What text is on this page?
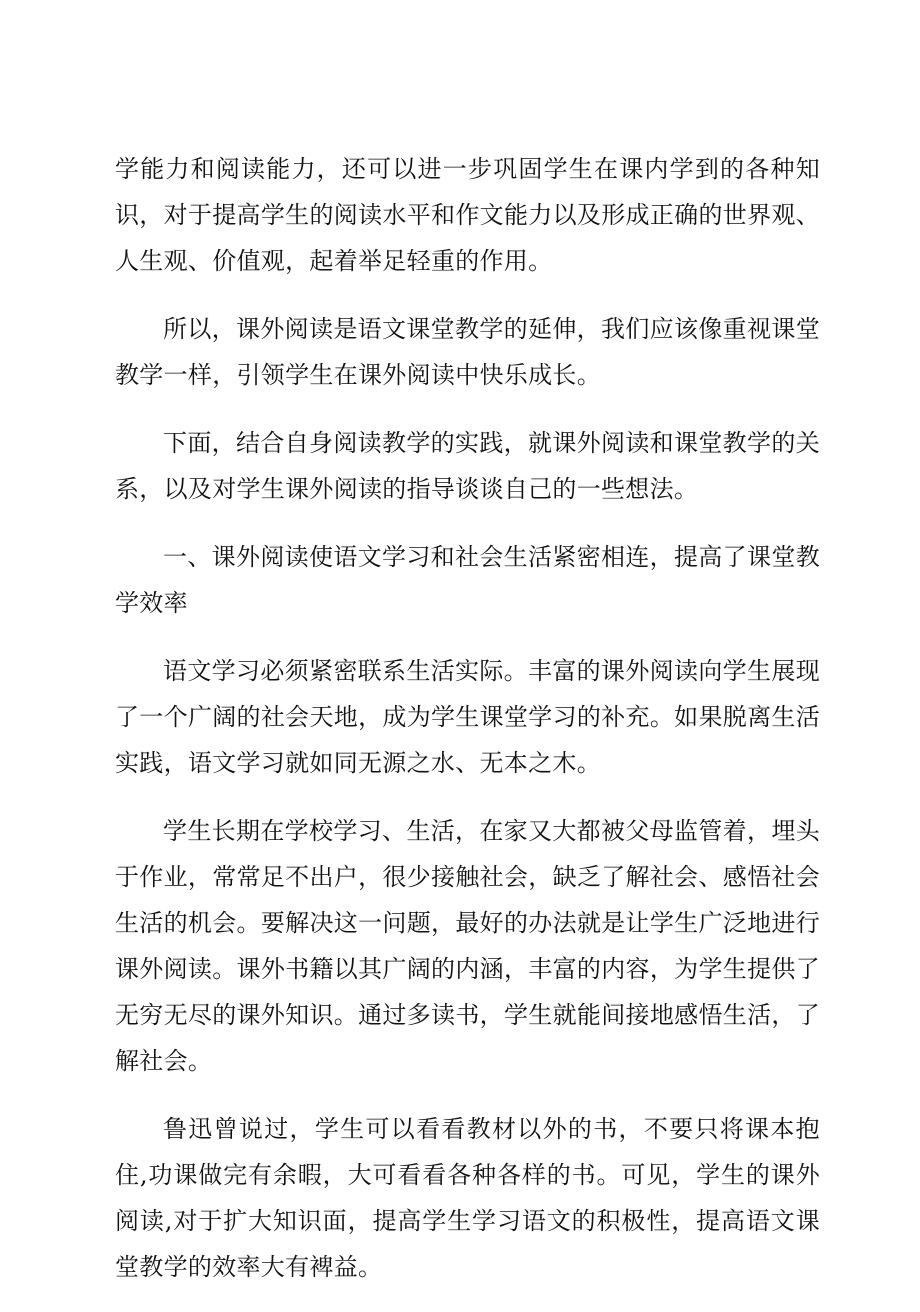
学能力和阅读能力，还可以进一步巩固学生在课内学到的各种知识，对于提高学生的阅读水平和作文能力以及形成正确的世界观、人生观、价值观，起着举足轻重的作用。

所以，课外阅读是语文课堂教学的延伸，我们应该像重视课堂教学一样，引领学生在课外阅读中快乐成长。

下面，结合自身阅读教学的实践，就课外阅读和课堂教学的关系，以及对学生课外阅读的指导谈谈自己的一些想法。

一、课外阅读使语文学习和社会生活紧密相连，提高了课堂教学效率

语文学习必须紧密联系生活实际。丰富的课外阅读向学生展现了一个广阔的社会天地，成为学生课堂学习的补充。如果脱离生活实践，语文学习就如同无源之水、无本之木。

学生长期在学校学习、生活，在家又大都被父母监管着，埋头于作业，常常足不出户，很少接触社会，缺乏了解社会、感悟社会生活的机会。要解决这一问题，最好的办法就是让学生广泛地进行课外阅读。课外书籍以其广阔的内涵，丰富的内容，为学生提供了无穷无尽的课外知识。通过多读书，学生就能间接地感悟生活，了解社会。

鲁迅曾说过，学生可以看看教材以外的书，不要只将课本抱住,功课做完有余暇，大可看看各种各样的书。可见，学生的课外阅读,对于扩大知识面，提高学生学习语文的积极性，提高语文课堂教学的效率大有裨益。
